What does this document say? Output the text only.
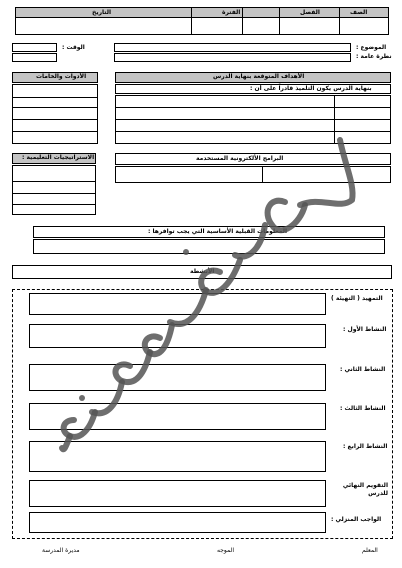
الصف
الفصل
الفترة
التاريخ
الموضوع :
نطرة عامة :
الوقت :
الأدوات والخامات	الأهداف المتوقعة بنهاية الدرس
بنهاية الدرس يكون التلميذ قادراً على أن :
الاستراتيجيات التعليمية :	البرامج الألكترونية المستخدمة
المعلومات القبلية الأساسية التي يجب توافرها :
الأنشطة
التمهيد ( التهيئة )
النشاط الأول :
النشاط الثاني :
النشاط الثالث :
النشاط الرابع :
التقويم النهائي للدرس
الواجب المنزلي :
المعلم
الموجه
مديرة المدرسة
